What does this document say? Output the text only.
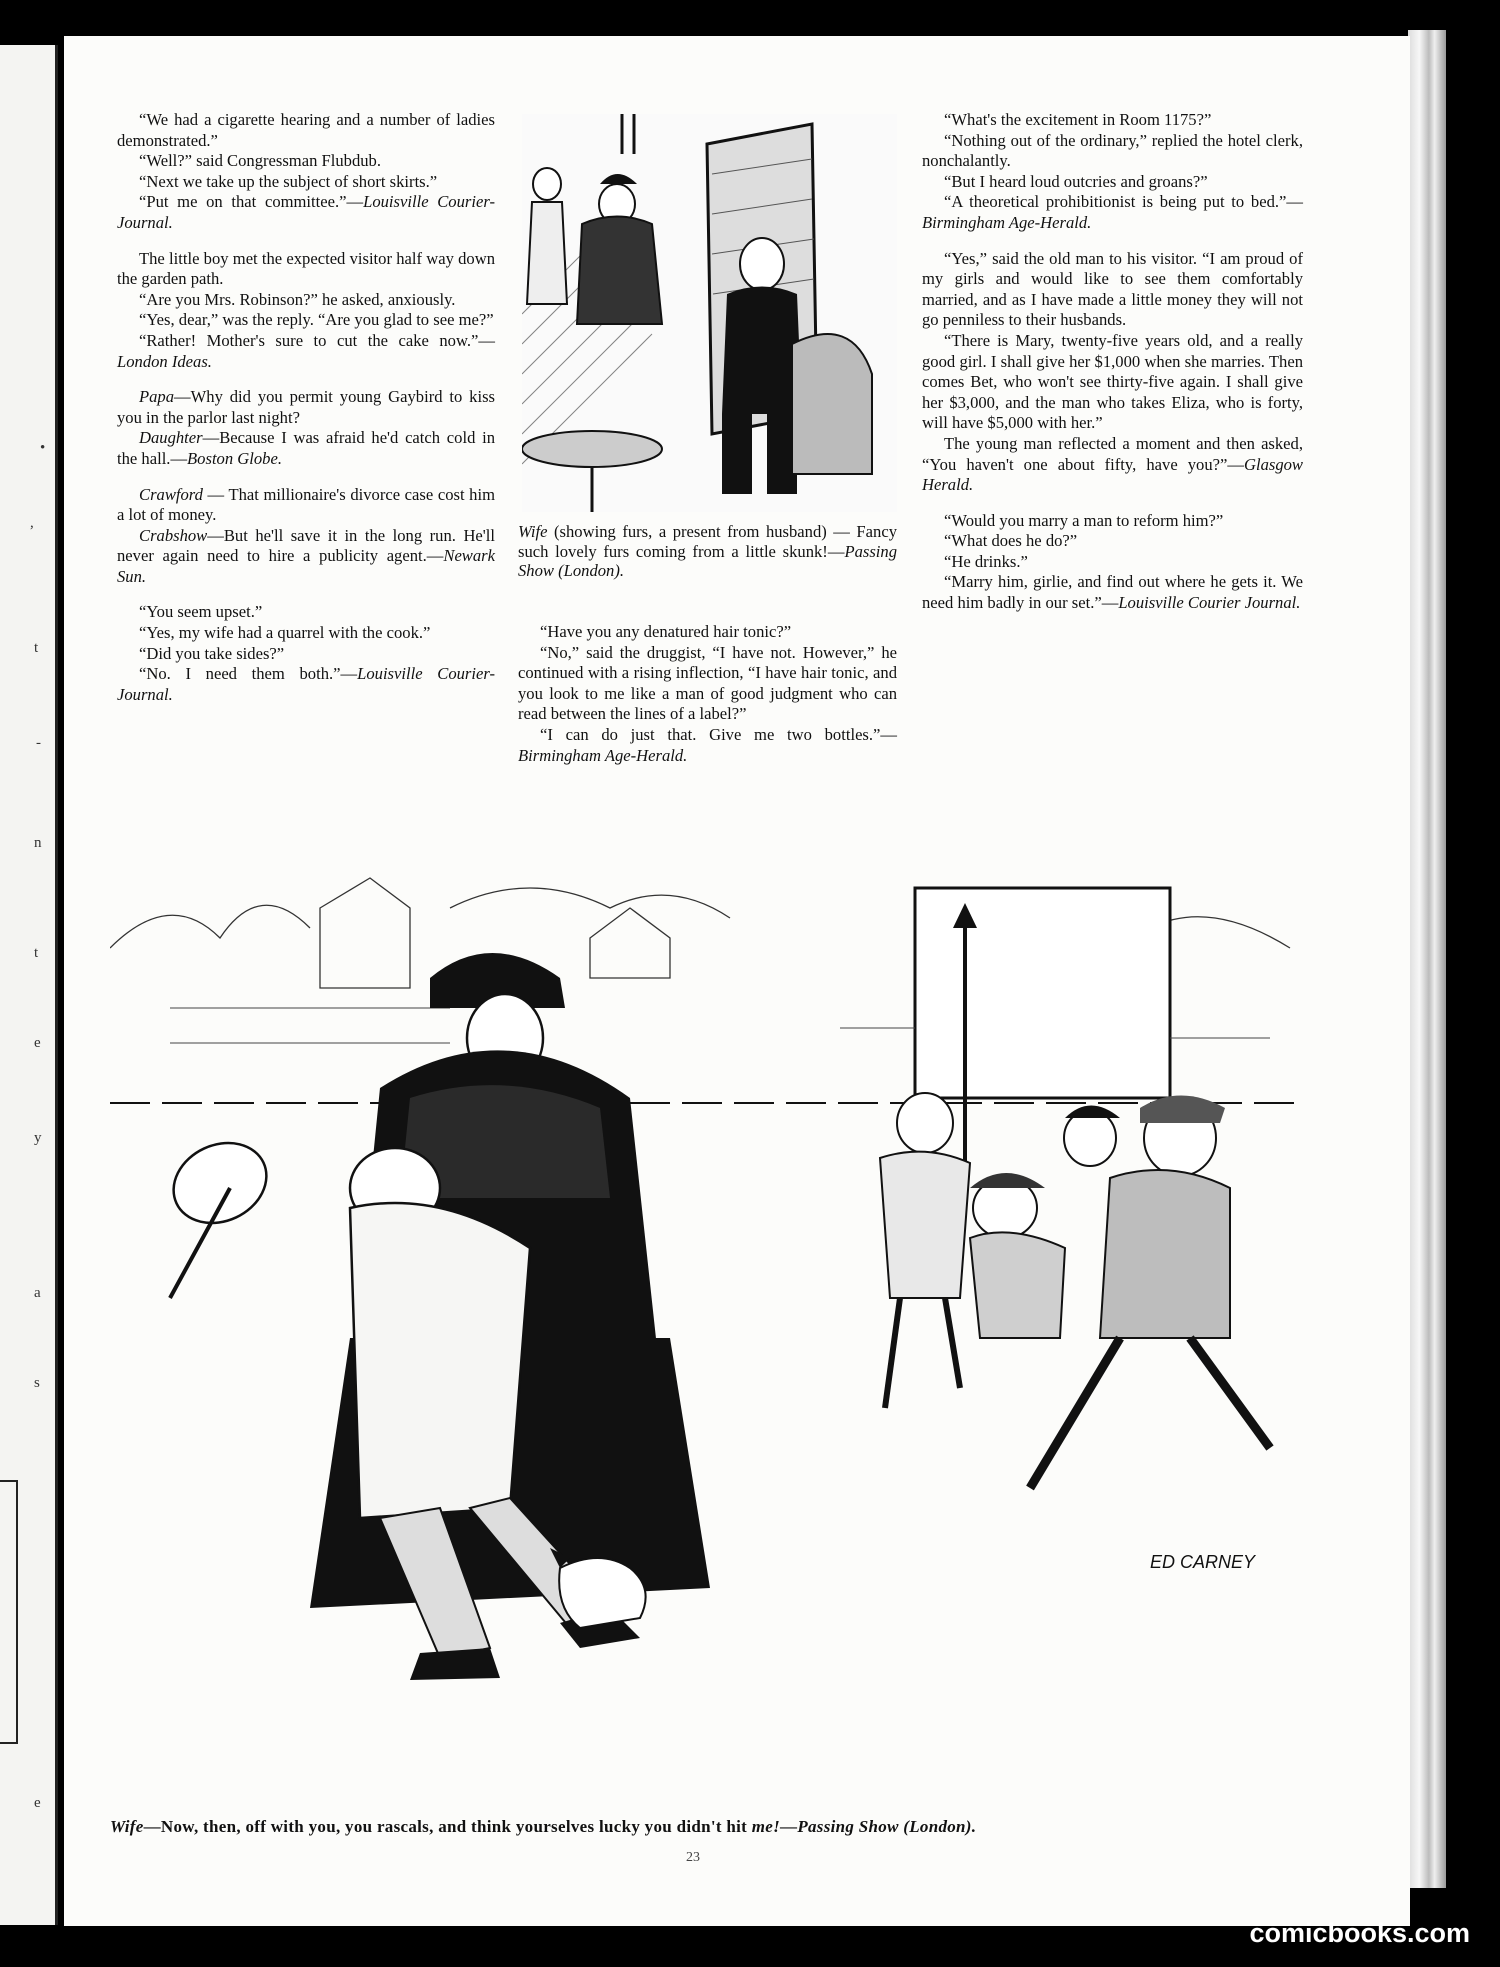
•
,
t
-
n
t
e
y
a
s
e

“We had a cigarette hearing and a number of ladies demonstrated.”

“Well?” said Congressman Flubdub.

“Next we take up the subject of short skirts.”

“Put me on that committee.”—Louisville Courier-Journal.

The little boy met the expected visitor half way down the garden path.

“Are you Mrs. Robinson?” he asked, anxiously.

“Yes, dear,” was the reply. “Are you glad to see me?”

“Rather! Mother's sure to cut the cake now.”—London Ideas.

Papa—Why did you permit young Gaybird to kiss you in the parlor last night?

Daughter—Because I was afraid he'd catch cold in the hall.—Boston Globe.

Crawford — That millionaire's divorce case cost him a lot of money.

Crabshow—But he'll save it in the long run. He'll never again need to hire a publicity agent.—Newark Sun.

“You seem upset.”

“Yes, my wife had a quarrel with the cook.”

“Did you take sides?”

“No. I need them both.”—Louisville Courier-Journal.

Wife (showing furs, a present from husband) — Fancy such lovely furs coming from a little skunk!—Passing Show (London).

“Have you any denatured hair tonic?”

“No,” said the druggist, “I have not. However,” he continued with a rising inflection, “I have hair tonic, and you look to me like a man of good judgment who can read between the lines of a label?”

“I can do just that. Give me two bottles.”—Birmingham Age-Herald.

“What's the excitement in Room 1175?”

“Nothing out of the ordinary,” replied the hotel clerk, nonchalantly.

“But I heard loud outcries and groans?”

“A theoretical prohibitionist is being put to bed.”—Birmingham Age-Herald.

“Yes,” said the old man to his visitor. “I am proud of my girls and would like to see them comfortably married, and as I have made a little money they will not go penniless to their husbands.

“There is Mary, twenty-five years old, and a really good girl. I shall give her $1,000 when she marries. Then comes Bet, who won't see thirty-five again. I shall give her $3,000, and the man who takes Eliza, who is forty, will have $5,000 with her.”

The young man reflected a moment and then asked, “You haven't one about fifty, have you?”—Glasgow Herald.

“Would you marry a man to reform him?”

“What does he do?”

“He drinks.”

“Marry him, girlie, and find out where he gets it. We need him badly in our set.”—Louisville Courier Journal.

ED CARNEY
Wife—Now, then, off with you, you rascals, and think yourselves lucky you didn't hit me!—Passing Show (London).
23
comicbooks.com
